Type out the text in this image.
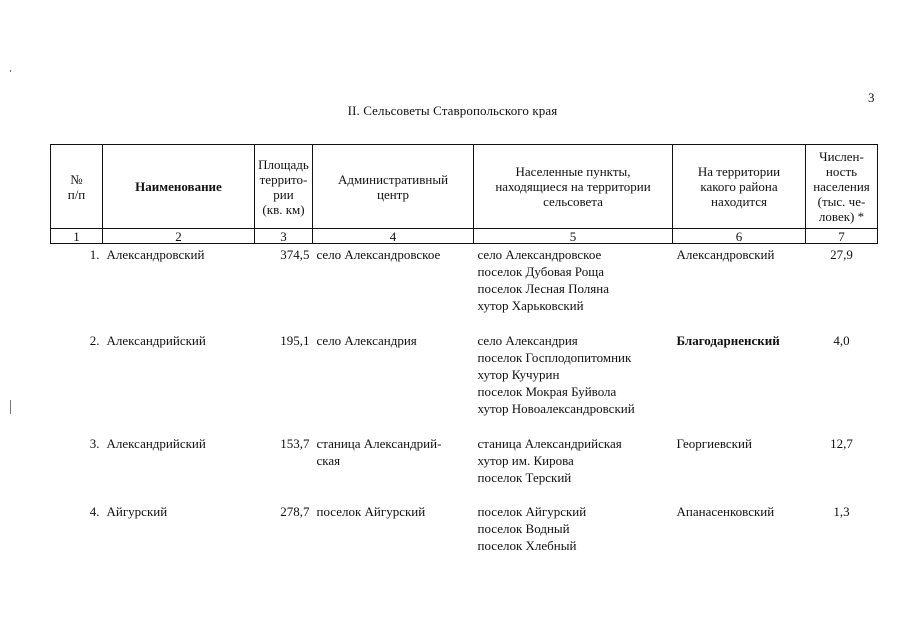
3
II. Сельсоветы Ставропольского края
№
п/п	Наименование	Площадь
террито-
рии
(кв. км)	Административный
центр	Населенные пункты,
находящиеся на территории
сельсовета	На территории
какого района
находится	Числен-
ность
населения
(тыс. че-
ловек) *

1	2	3	4	5	6	7
1.	Александровский	374,5	село Александровское	село Александровское
поселок Дубовая Роща
поселок Лесная Поляна
хутор Харьковский	Александровский	27,9
2.	Александрийский	195,1	село Александрия	село Александрия
поселок Госплодопитомник
хутор Кучурин
поселок Мокрая Буйвола
хутор Новоалександровский	Благодарненский	4,0
3.	Александрийский	153,7	станица Александрий-
ская	станица Александрийская
хутор им. Кирова
поселок Терский	Георгиевский	12,7
4.	Айгурский	278,7	поселок Айгурский	поселок Айгурский
поселок Водный
поселок Хлебный	Апанасенковский	1,3
